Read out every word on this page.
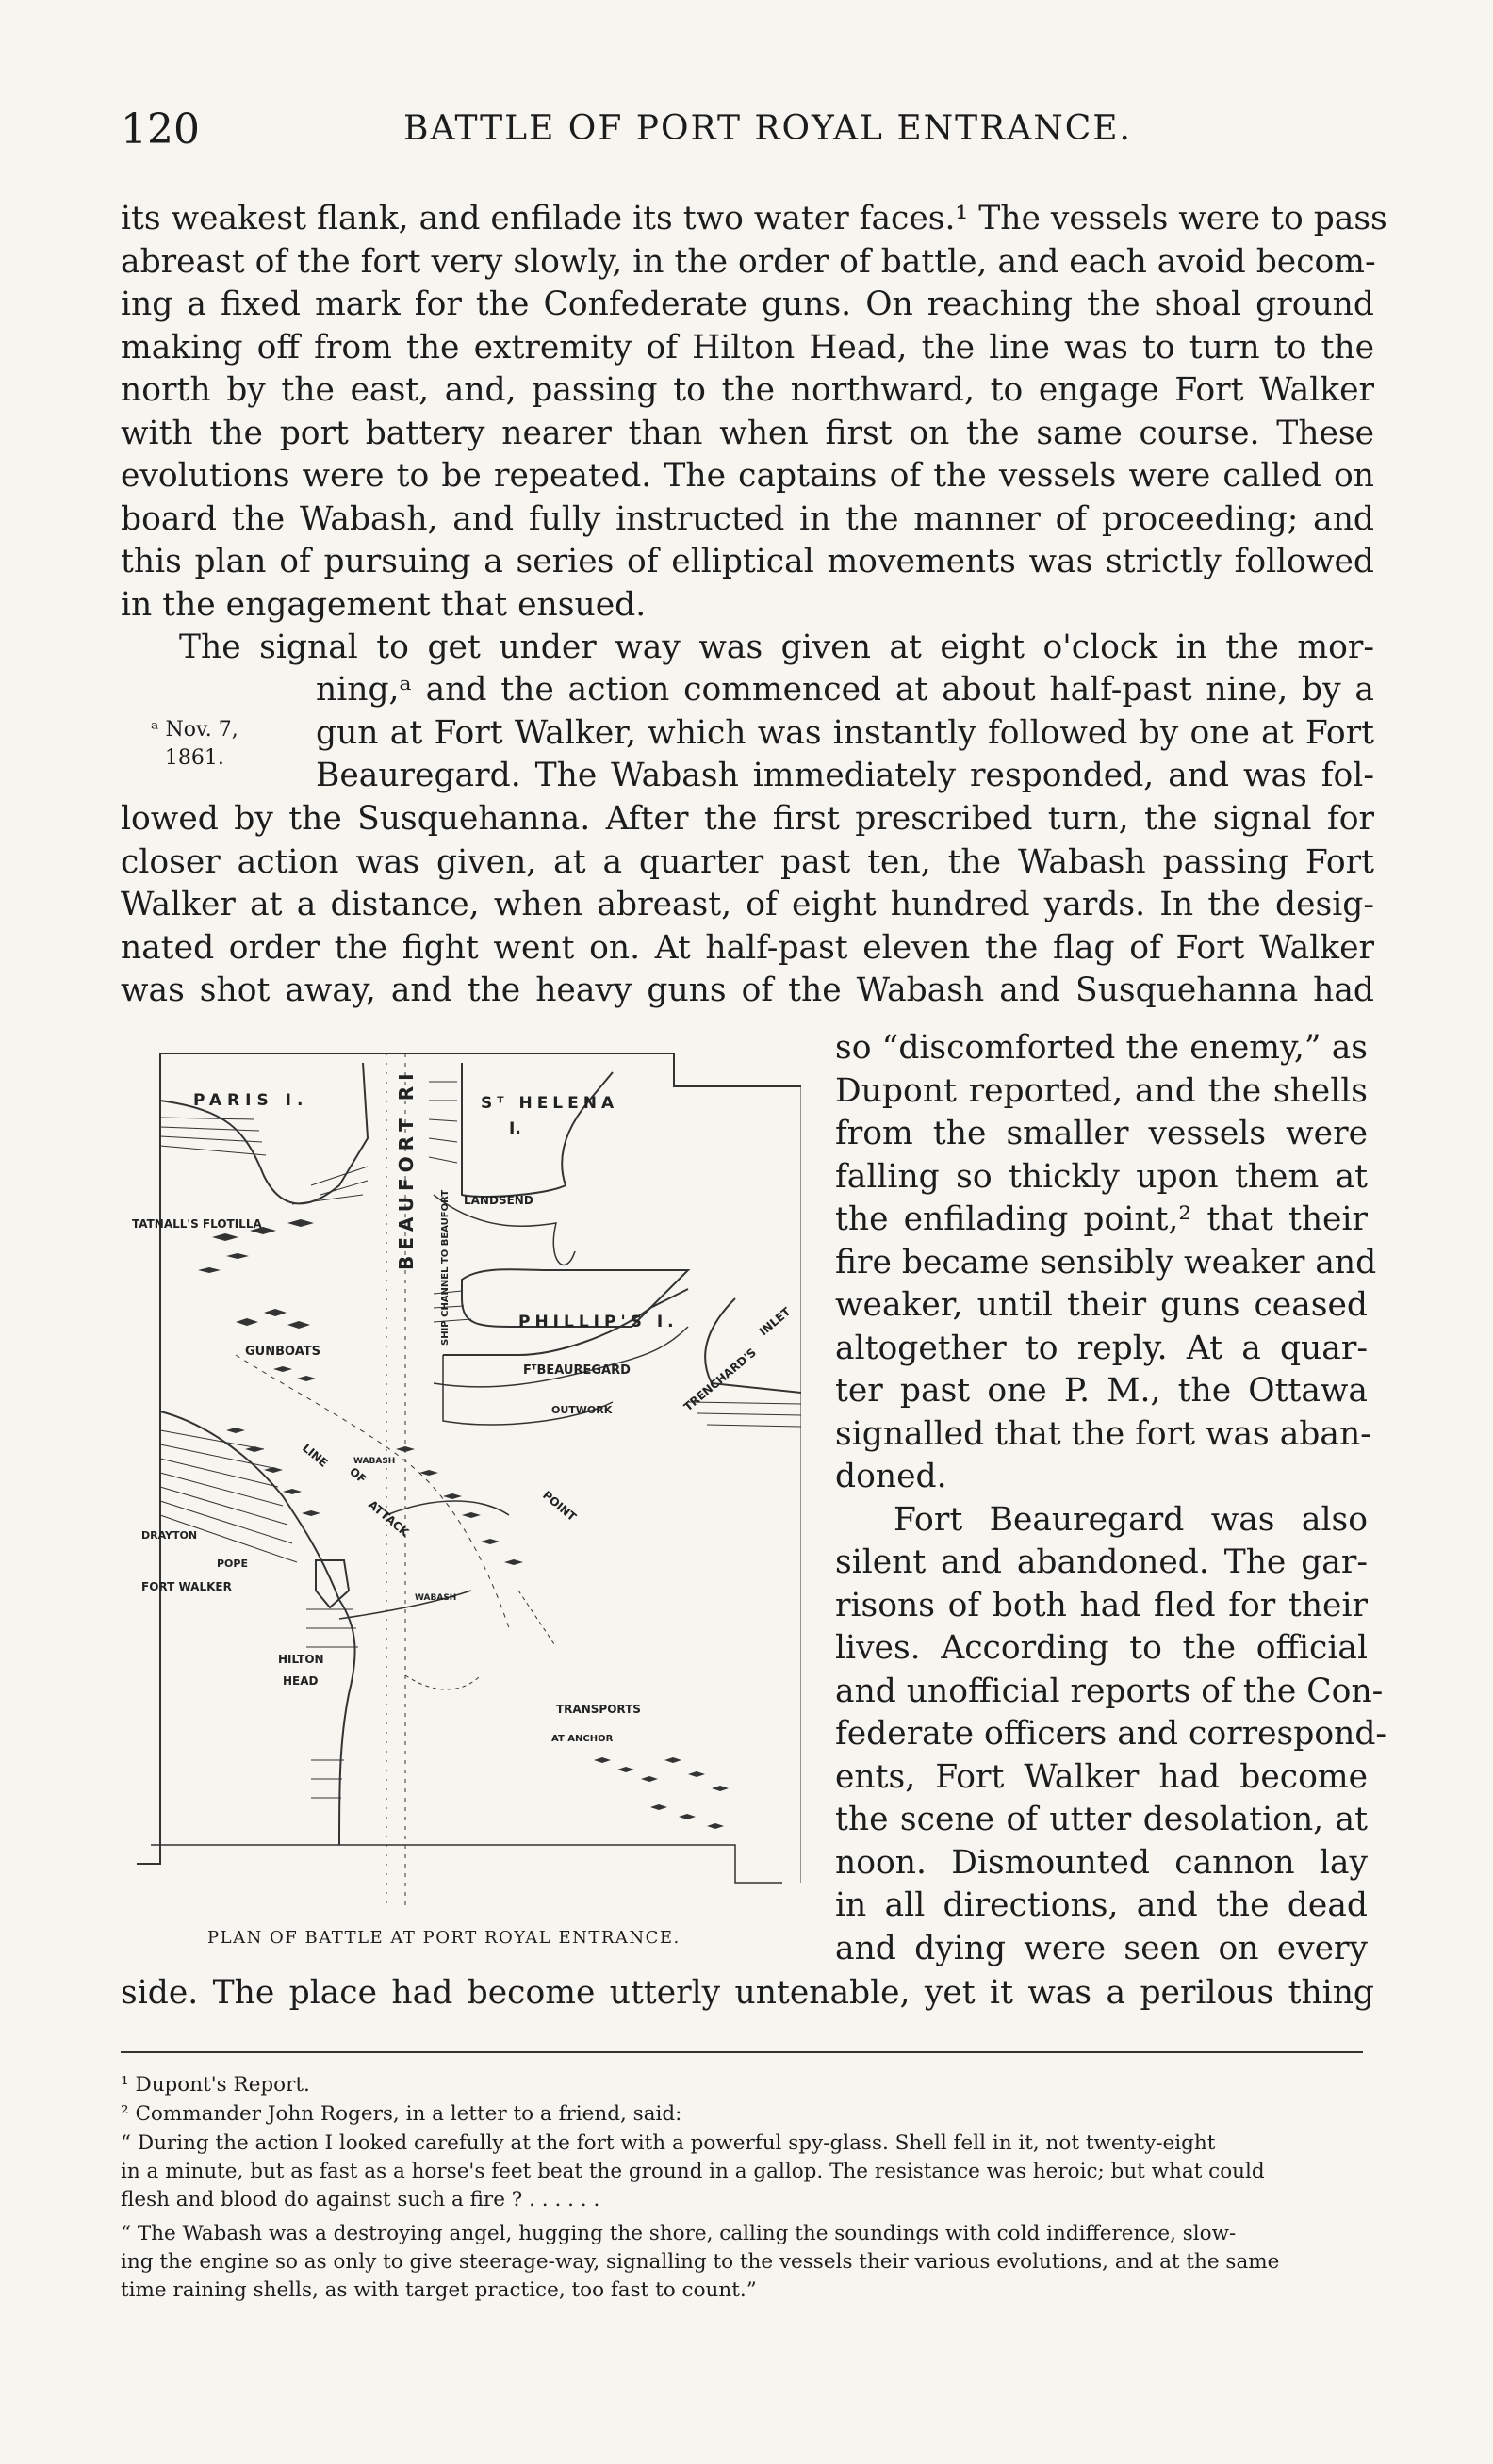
120	BATTLE OF PORT ROYAL ENTRANCE.
its weakest flank, and enfilade its two water faces.¹ The vessels were to pass
abreast of the fort very slowly, in the order of battle, and each avoid becom-
ing a fixed mark for the Confederate guns. On reaching the shoal ground
making off from the extremity of Hilton Head, the line was to turn to the
north by the east, and, passing to the northward, to engage Fort Walker
with the port battery nearer than when first on the same course. These
evolutions were to be repeated. The captains of the vessels were called on
board the Wabash, and fully instructed in the manner of proceeding; and
this plan of pursuing a series of elliptical movements was strictly followed
in the engagement that ensued.
The signal to get under way was given at eight o'clock in the mor-
ᵃ Nov. 7,
1861.
ning,ᵃ and the action commenced at about half-past nine, by a
gun at Fort Walker, which was instantly followed by one at Fort
Beauregard. The Wabash immediately responded, and was fol-
lowed by the Susquehanna. After the first prescribed turn, the signal for
closer action was given, at a quarter past ten, the Wabash passing Fort
Walker at a distance, when abreast, of eight hundred yards. In the desig-
nated order the fight went on. At half-past eleven the flag of Fort Walker
was shot away, and the heavy guns of the Wabash and Susquehanna had
so “discomforted the enemy,” as
Dupont reported, and the shells
from the smaller vessels were
falling so thickly upon them at
the enfilading point,² that their
fire became sensibly weaker and
weaker, until their guns ceased
altogether to reply. At a quar-
ter past one P. M., the Ottawa
signalled that the fort was aban-
doned.
Fort Beauregard was also
silent and abandoned. The gar-
risons of both had fled for their
lives. According to the official
and unofficial reports of the Con-
federate officers and correspond-
ents, Fort Walker had become
the scene of utter desolation, at
noon. Dismounted cannon lay
in all directions, and the dead
and dying were seen on every
side. The place had become utterly untenable, yet it was a perilous thing
PARIS I.	Sᵀ HELENA
I.
LANDSEND
BEAUFORT RI SHIP CHANNEL TO BEAUFORT
TATNALL'S FLOTILLA
GUNBOATS
PHILLIP'S I.
FᵀBEAUREGARD
OUTWORK
INLET
TRENCHARD'S
POINT
DRAYTON
POPE
FORT WALKER
HILTON
HEAD
LINE
OF
ATTACK
WABASH
WABASH
TRANSPORTS
AT ANCHOR
PLAN OF BATTLE AT PORT ROYAL ENTRANCE.
¹ Dupont's Report.
² Commander John Rogers, in a letter to a friend, said:
“ During the action I looked carefully at the fort with a powerful spy-glass. Shell fell in it, not twenty-eight
in a minute, but as fast as a horse's feet beat the ground in a gallop. The resistance was heroic; but what could
flesh and blood do against such a fire ? . . . . . .
“ The Wabash was a destroying angel, hugging the shore, calling the soundings with cold indifference, slow-
ing the engine so as only to give steerage-way, signalling to the vessels their various evolutions, and at the same
time raining shells, as with target practice, too fast to count.”
